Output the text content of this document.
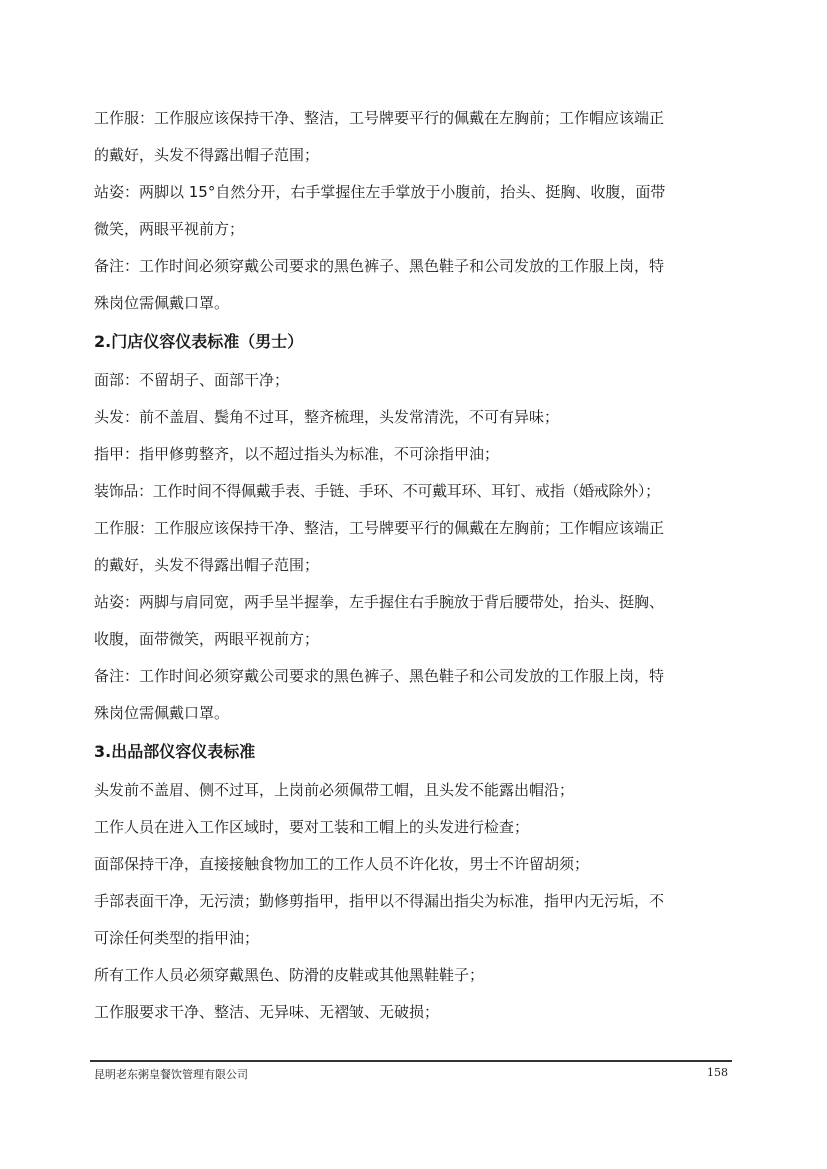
工作服：工作服应该保持干净、整洁，工号牌要平行的佩戴在左胸前；工作帽应该端正

的戴好，头发不得露出帽子范围；

站姿：两脚以 15°自然分开，右手掌握住左手掌放于小腹前，抬头、挺胸、收腹，面带

微笑，两眼平视前方；

备注：工作时间必须穿戴公司要求的黑色裤子、黑色鞋子和公司发放的工作服上岗，特

殊岗位需佩戴口罩。

2.门店仪容仪表标准（男士）

面部：不留胡子、面部干净；

头发：前不盖眉、鬓角不过耳，整齐梳理，头发常清洗，不可有异味；

指甲：指甲修剪整齐，以不超过指头为标准，不可涂指甲油；

装饰品：工作时间不得佩戴手表、手链、手环、不可戴耳环、耳钉、戒指（婚戒除外）；

工作服：工作服应该保持干净、整洁，工号牌要平行的佩戴在左胸前；工作帽应该端正

的戴好，头发不得露出帽子范围；

站姿：两脚与肩同宽，两手呈半握拳，左手握住右手腕放于背后腰带处，抬头、挺胸、

收腹，面带微笑，两眼平视前方；

备注：工作时间必须穿戴公司要求的黑色裤子、黑色鞋子和公司发放的工作服上岗，特

殊岗位需佩戴口罩。

3.出品部仪容仪表标准

头发前不盖眉、侧不过耳，上岗前必须佩带工帽，且头发不能露出帽沿；

工作人员在进入工作区域时，要对工装和工帽上的头发进行检查；

面部保持干净，直接接触食物加工的工作人员不许化妆，男士不许留胡须；

手部表面干净，无污渍；勤修剪指甲，指甲以不得漏出指尖为标准，指甲内无污垢，不

可涂任何类型的指甲油；

所有工作人员必须穿戴黑色、防滑的皮鞋或其他黑鞋鞋子；

工作服要求干净、整洁、无异味、无褶皱、无破损；

昆明老东粥皇餐饮管理有限公司	158
